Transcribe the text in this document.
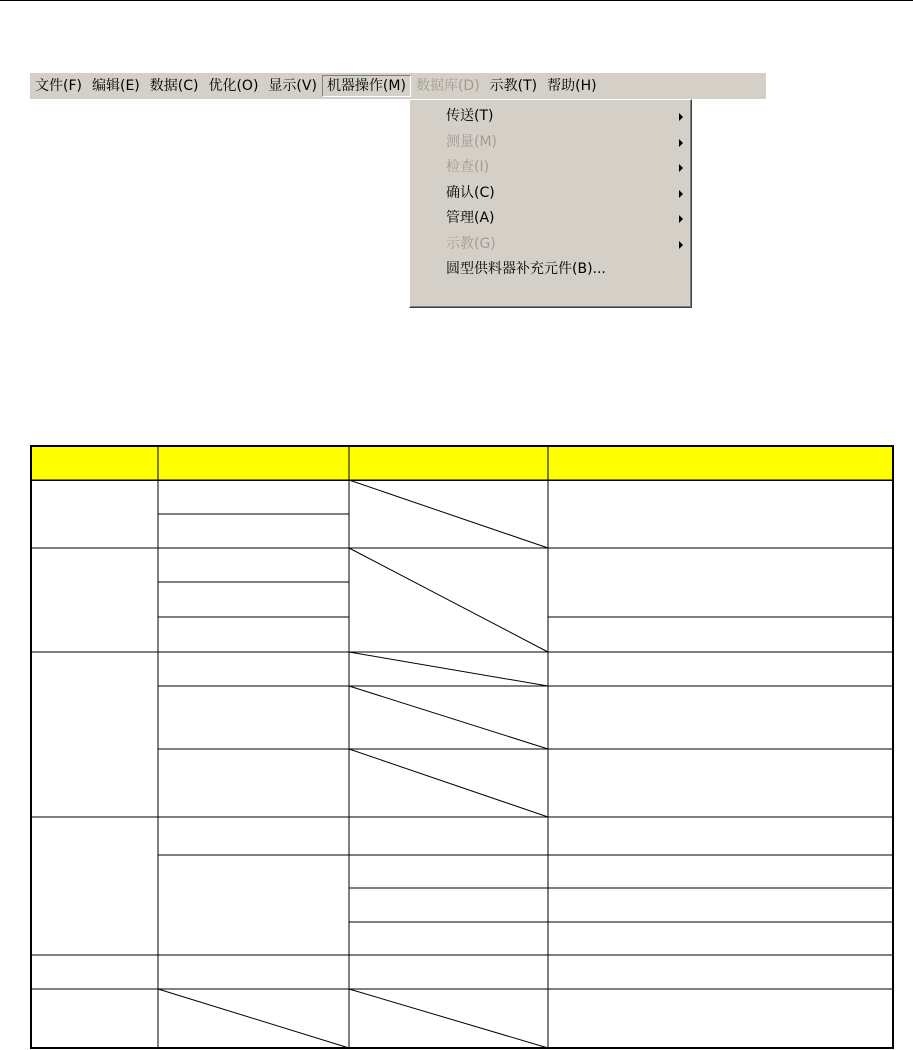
文件(F) 编辑(E) 数据(C) 优化(O) 显示(V) 机器操作(M) 数据库(D) 示教(T) 帮助(H)
传送(T)
测量(M)
检查(I)
确认(C)
管理(A)
示教(G)
圆型供料器补充元件(B)...
